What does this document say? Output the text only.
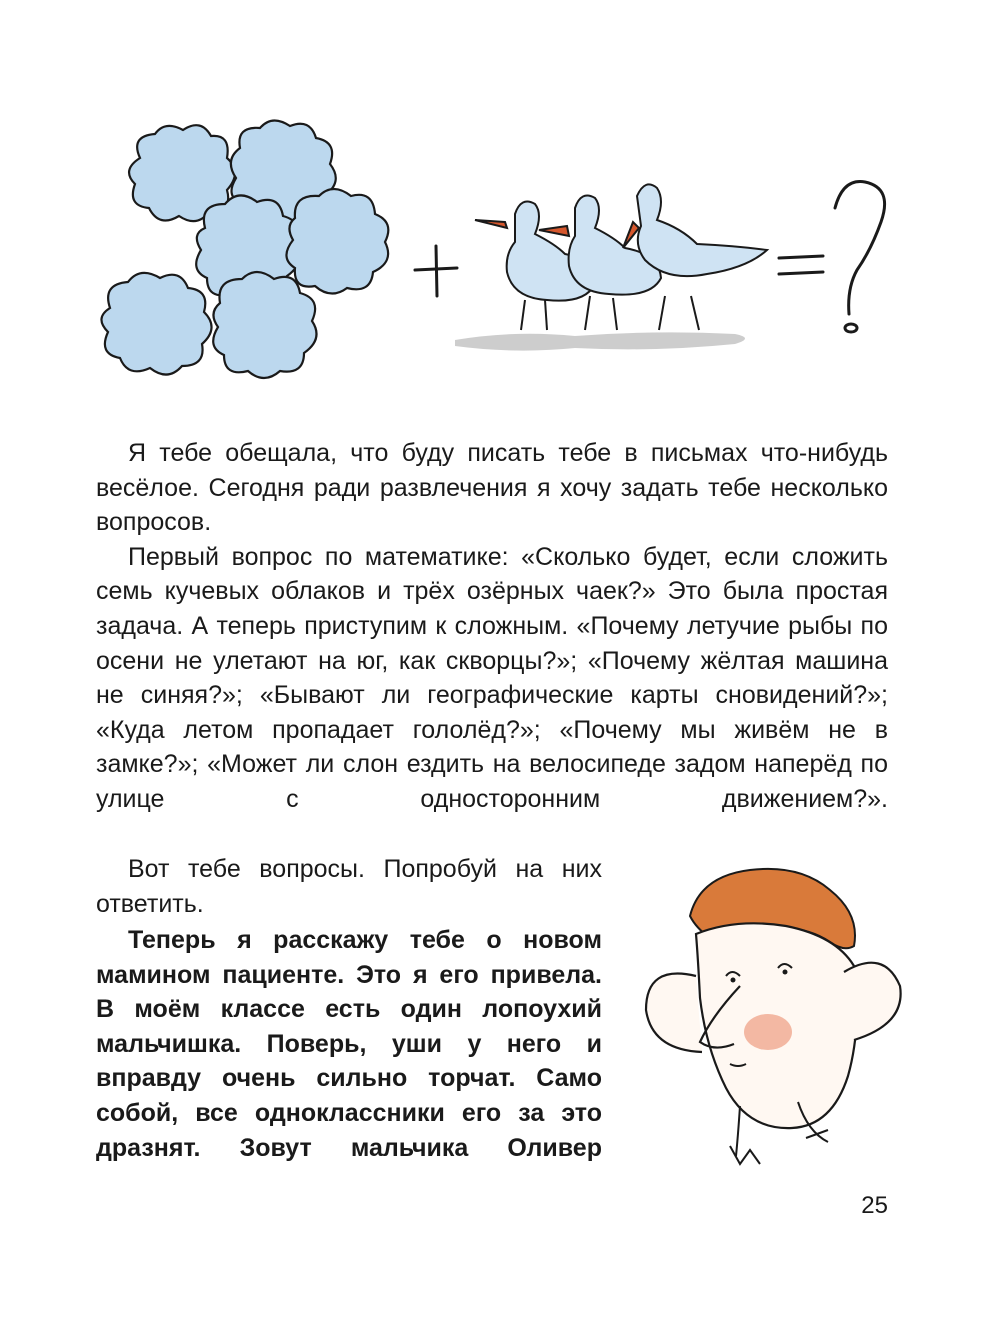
Я тебе обещала, что буду писать тебе в письмах что-нибудь весёлое. Сегодня ради развлечения я хочу задать тебе несколько вопросов.

Первый вопрос по математике: «Сколько будет, если сложить семь кучевых облаков и трёх озёрных чаек?» Это была простая задача. А теперь приступим к сложным. «Почему летучие рыбы по осени не улетают на юг, как скворцы?»; «Почему жёлтая машина не синяя?»; «Бывают ли географические карты сновидений?»; «Куда летом пропадает гололёд?»; «Почему мы живём не в замке?»; «Может ли слон ездить на велосипеде задом наперёд по улице с односторонним движением?».

Вот тебе вопросы. Попробуй на них ответить.

Теперь я расскажу тебе о новом мамином пациенте. Это я его привела. В моём классе есть один лопоухий мальчишка. Поверь, уши у него и вправду очень сильно торчат. Само собой, все одноклассники его за это дразнят. Зовут мальчика Оливер

25
